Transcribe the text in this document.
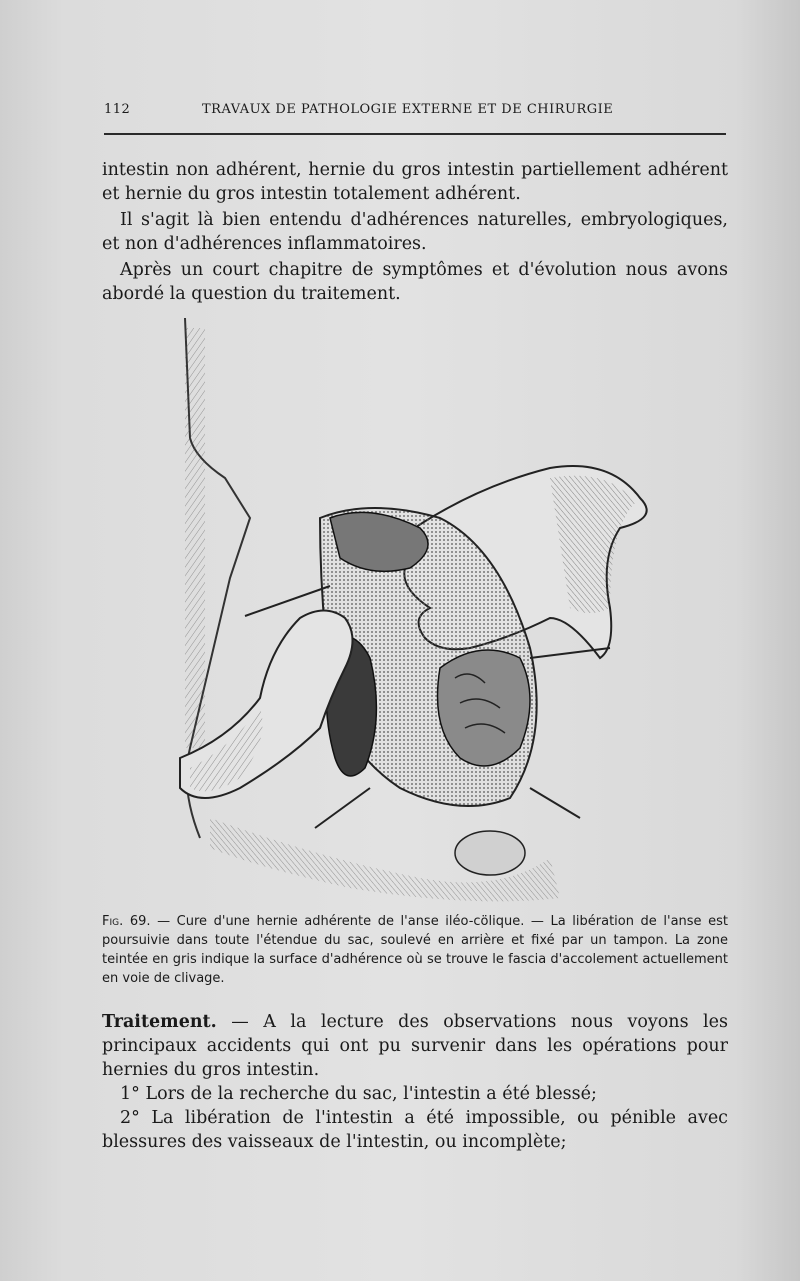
112	TRAVAUX DE PATHOLOGIE EXTERNE ET DE CHIRURGIE
intestin non adhérent, hernie du gros intestin partiellement adhérent et hernie du gros intestin totalement adhérent.
Il s'agit là bien entendu d'adhérences naturelles, embryologiques, et non d'adhérences inflammatoires.
Après un court chapitre de symptômes et d'évolution nous avons abordé la question du traitement.
Fig. 69. — Cure d'une hernie adhérente de l'anse iléo-cölique. — La libération de l'anse est poursuivie dans toute l'étendue du sac, soulevé en arrière et fixé par un tampon. La zone teintée en gris indique la surface d'adhérence où se trouve le fascia d'accolement actuellement en voie de clivage.
Traitement. — A la lecture des observations nous voyons les principaux accidents qui ont pu survenir dans les opérations pour hernies du gros intestin.
1° Lors de la recherche du sac, l'intestin a été blessé;
2° La libération de l'intestin a été impossible, ou pénible avec blessures des vaisseaux de l'intestin, ou incomplète;
